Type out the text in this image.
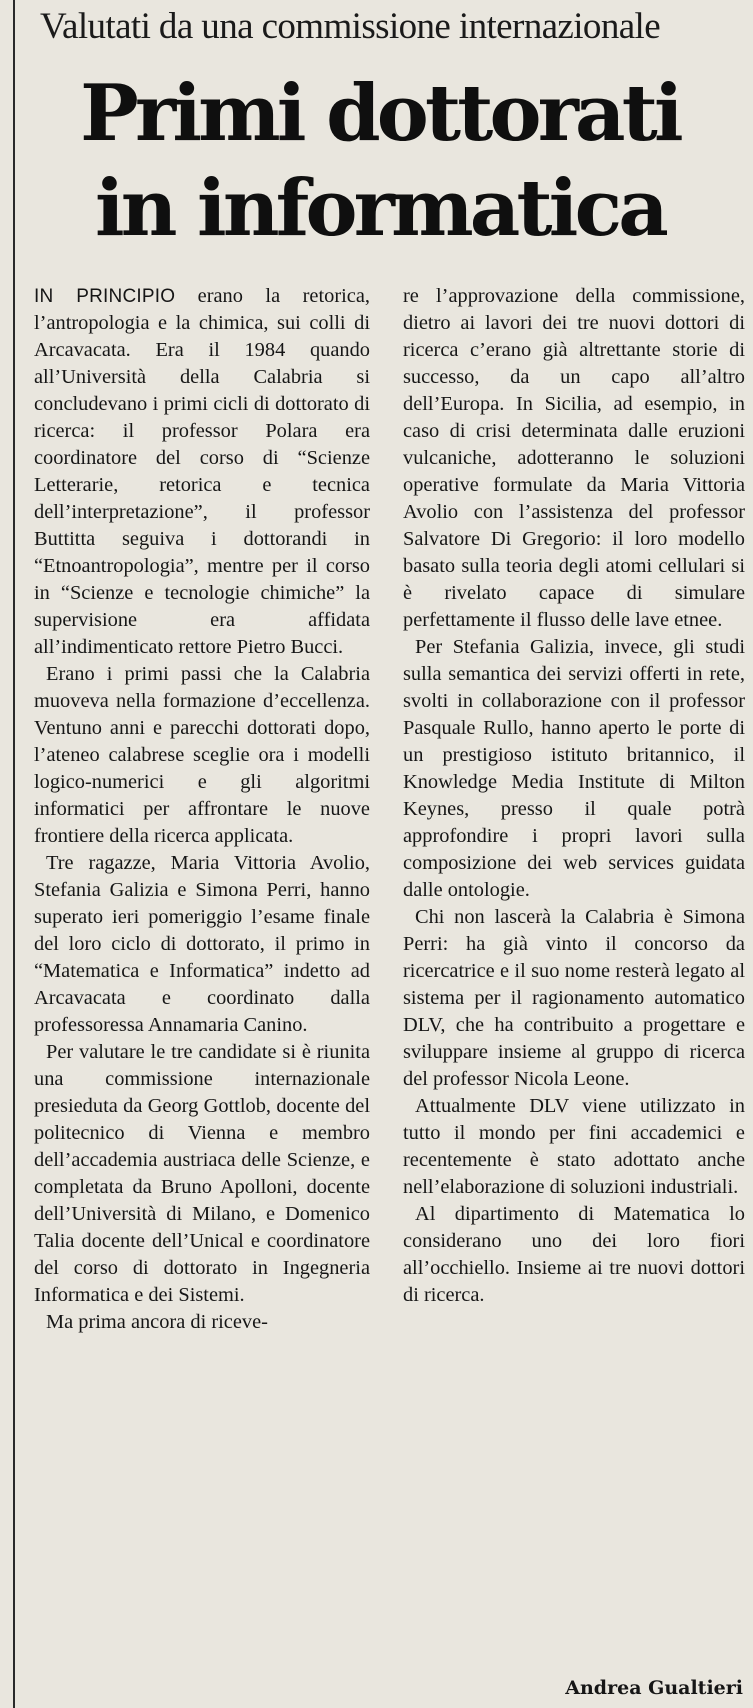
Valutati da una commissione internazionale
Primi dottorati
in informatica

IN PRINCIPIO erano la retorica, l’antropologia e la chimica, sui colli di Arcavacata. Era il 1984 quando all’Università della Calabria si concludevano i primi cicli di dottorato di ricerca: il professor Polara era coordinatore del corso di “Scienze Letterarie, retorica e tecnica dell’interpretazione”, il professor Buttitta seguiva i dottorandi in “Etnoantropologia”, mentre per il corso in “Scienze e tecnologie chimiche” la supervisione era affidata all’indimenticato rettore Pietro Bucci.

Erano i primi passi che la Calabria muoveva nella formazione d’eccellenza. Ventuno anni e parecchi dottorati dopo, l’ateneo calabrese sceglie ora i modelli logico-numerici e gli algoritmi informatici per affrontare le nuove frontiere della ricerca applicata.

Tre ragazze, Maria Vittoria Avolio, Stefania Galizia e Simona Perri, hanno superato ieri pomeriggio l’esame finale del loro ciclo di dottorato, il primo in “Matematica e Informatica” indetto ad Arcavacata e coordinato dalla professoressa Annamaria Canino.

Per valutare le tre candidate si è riunita una commissione internazionale presieduta da Georg Gottlob, docente del politecnico di Vienna e membro dell’accademia austriaca delle Scienze, e completata da Bruno Apolloni, docente dell’Università di Milano, e Domenico Talia docente dell’Unical e coordinatore del corso di dottorato in Ingegneria Informatica e dei Sistemi.

Ma prima ancora di riceve-

re l’approvazione della commissione, dietro ai lavori dei tre nuovi dottori di ricerca c’erano già altrettante storie di successo, da un capo all’altro dell’Europa. In Sicilia, ad esempio, in caso di crisi determinata dalle eruzioni vulcaniche, adotteranno le soluzioni operative formulate da Maria Vittoria Avolio con l’assistenza del professor Salvatore Di Gregorio: il loro modello basato sulla teoria degli atomi cellulari si è rivelato capace di simulare perfettamente il flusso delle lave etnee.

Per Stefania Galizia, invece, gli studi sulla semantica dei servizi offerti in rete, svolti in collaborazione con il professor Pasquale Rullo, hanno aperto le porte di un prestigioso istituto britannico, il Knowledge Media Institute di Milton Keynes, presso il quale potrà approfondire i propri lavori sulla composizione dei web services guidata dalle ontologie.

Chi non lascerà la Calabria è Simona Perri: ha già vinto il concorso da ricercatrice e il suo nome resterà legato al sistema per il ragionamento automatico DLV, che ha contribuito a progettare e sviluppare insieme al gruppo di ricerca del professor Nicola Leone.

Attualmente DLV viene utilizzato in tutto il mondo per fini accademici e recentemente è stato adottato anche nell’elaborazione di soluzioni industriali.

Al dipartimento di Matematica lo considerano uno dei loro fiori all’occhiello. Insieme ai tre nuovi dottori di ricerca.

Andrea Gualtieri
